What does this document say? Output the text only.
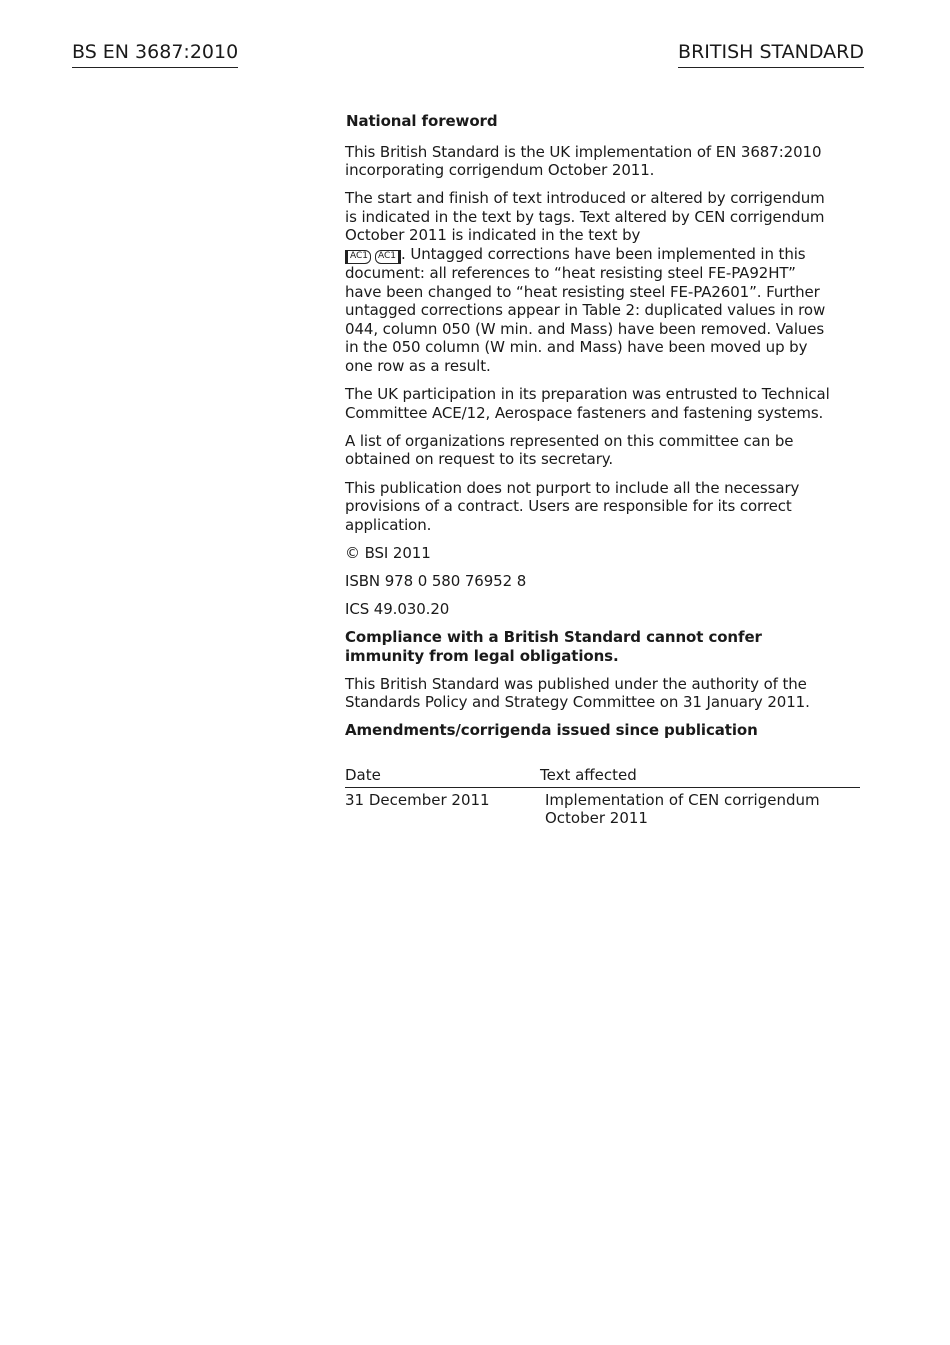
BS EN 3687:2010	BRITISH STANDARD

National foreword

This British Standard is the UK implementation of EN 3687:2010 incorporating corrigendum October 2011.

The start and finish of text introduced or altered by corrigendum is indicated in the text by tags. Text altered by CEN corrigendum October 2011 is indicated in the text by
AC1 AC1 . Untagged corrections have been implemented in this document: all references to “heat resisting steel FE-PA92HT” have been changed to “heat resisting steel FE-PA2601”. Further untagged corrections appear in Table 2: duplicated values in row 044, column 050 (W min. and Mass) have been removed. Values in the 050 column (W min. and Mass) have been moved up by one row as a result.

The UK participation in its preparation was entrusted to Technical Committee ACE/12, Aerospace fasteners and fastening systems.

A list of organizations represented on this committee can be obtained on request to its secretary.

This publication does not purport to include all the necessary provisions of a contract. Users are responsible for its correct application.

© BSI 2011

ISBN 978 0 580 76952 8

ICS 49.030.20

Compliance with a British Standard cannot confer immunity from legal obligations.

This British Standard was published under the authority of the Standards Policy and Strategy Committee on 31 January 2011.

Amendments/corrigenda issued since publication

Date	Text affected
31 December 2011	Implementation of CEN corrigendum October 2011
